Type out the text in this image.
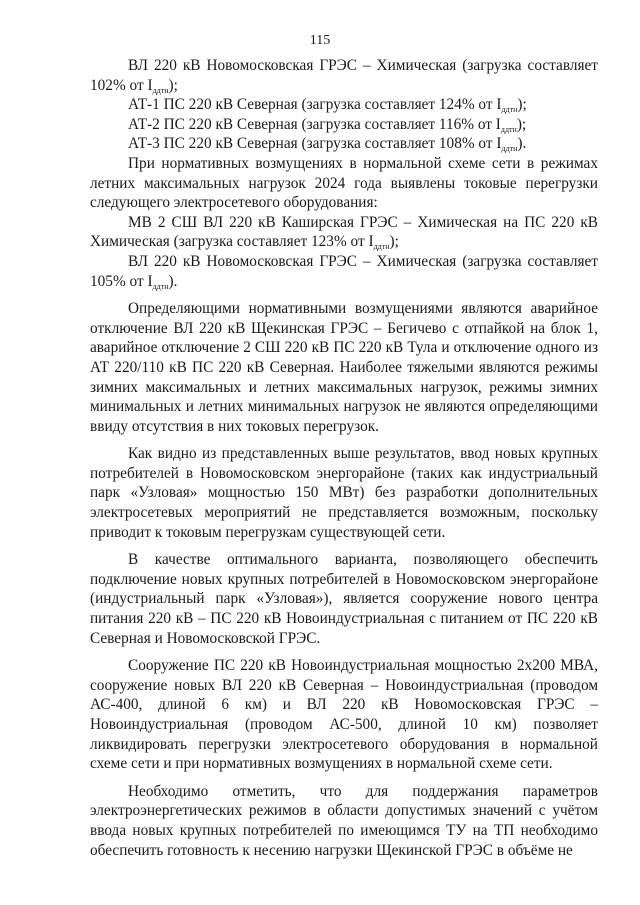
115

ВЛ 220 кВ Новомосковская ГРЭС – Химическая (загрузка составляет 102% от $I_{ддтн}$);

АТ-1 ПС 220 кВ Северная (загрузка составляет 124% от $I_{ддтн}$);

АТ-2 ПС 220 кВ Северная (загрузка составляет 116% от $I_{ддтн}$);

АТ-3 ПС 220 кВ Северная (загрузка составляет 108% от $I_{ддтн}$).

При нормативных возмущениях в нормальной схеме сети в режимах летних максимальных нагрузок 2024 года выявлены токовые перегрузки следующего электросетевого оборудования:

МВ 2 СШ ВЛ 220 кВ Каширская ГРЭС – Химическая на ПС 220 кВ Химическая (загрузка составляет 123% от $I_{ддтн}$);

ВЛ 220 кВ Новомосковская ГРЭС – Химическая (загрузка составляет 105% от $I_{ддтн}$).

Определяющими нормативными возмущениями являются аварийное отключение ВЛ 220 кВ Щекинская ГРЭС – Бегичево с отпайкой на блок 1, аварийное отключение 2 СШ 220 кВ ПС 220 кВ Тула и отключение одного из АТ 220/110 кВ ПС 220 кВ Северная. Наиболее тяжелыми являются режимы зимних максимальных и летних максимальных нагрузок, режимы зимних минимальных и летних минимальных нагрузок не являются определяющими ввиду отсутствия в них токовых перегрузок.

Как видно из представленных выше результатов, ввод новых крупных потребителей в Новомосковском энергорайоне (таких как индустриальный парк «Узловая» мощностью 150 МВт) без разработки дополнительных электросетевых мероприятий не представляется возможным, поскольку приводит к токовым перегрузкам существующей сети.

В качестве оптимального варианта, позволяющего обеспечить подключение новых крупных потребителей в Новомосковском энергорайоне (индустриальный парк «Узловая»), является сооружение нового центра питания 220 кВ – ПС 220 кВ Новоиндустриальная с питанием от ПС 220 кВ Северная и Новомосковской ГРЭС.

Сооружение ПС 220 кВ Новоиндустриальная мощностью 2х200 МВА, сооружение новых ВЛ 220 кВ Северная – Новоиндустриальная (проводом АС-400, длиной 6 км) и ВЛ 220 кВ Новомосковская ГРЭС – Новоиндустриальная (проводом АС-500, длиной 10 км) позволяет ликвидировать перегрузки электросетевого оборудования в нормальной схеме сети и при нормативных возмущениях в нормальной схеме сети.

Необходимо отметить, что для поддержания параметров электроэнергетических режимов в области допустимых значений с учётом ввода новых крупных потребителей по имеющимся ТУ на ТП необходимо обеспечить готовность к несению нагрузки Щекинской ГРЭС в объёме не
